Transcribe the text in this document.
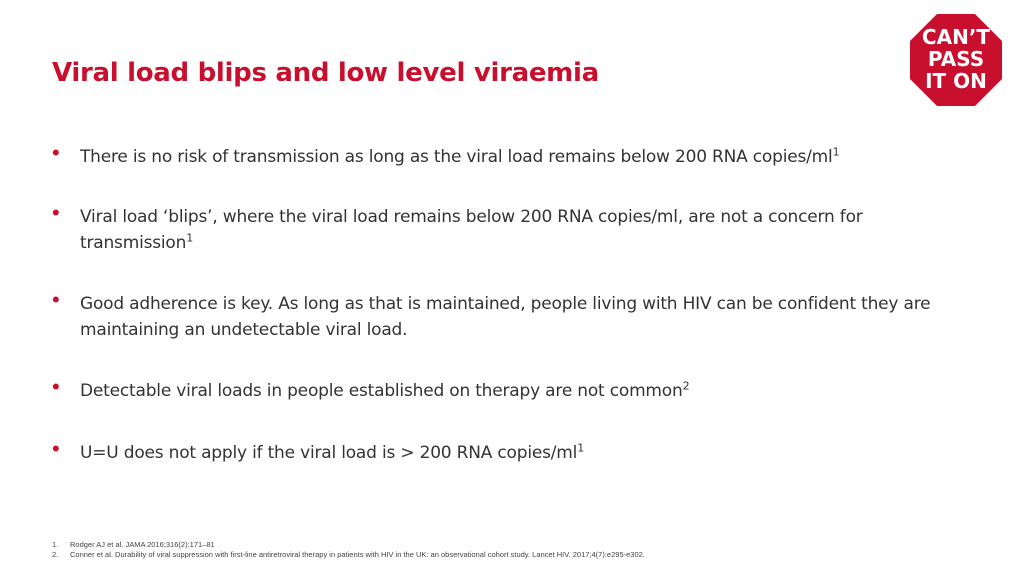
Viral load blips and low level viraemia
CAN’T
PASS
IT ON
•	There is no risk of transmission as long as the viral load remains below 200 RNA copies/$ml^1$
•	Viral load ‘blips’, where the viral load remains below 200 RNA copies/ml, are not a concern for transmission$^1$
•	Good adherence is key. As long as that is maintained, people living with HIV can be confident they are maintaining an undetectable viral load.
•	Detectable viral loads in people established on therapy are not common$^2$
•	U=U does not apply if the viral load is > 200 RNA copies/$ml^1$
1.	Rodger AJ et al. JAMA 2016;316(2):171–81
2.	Conner et al. Durability of viral suppression with first-line antiretroviral therapy in patients with HIV in the UK: an observational cohort study. Lancet HIV. 2017;4(7):e295-e302.
